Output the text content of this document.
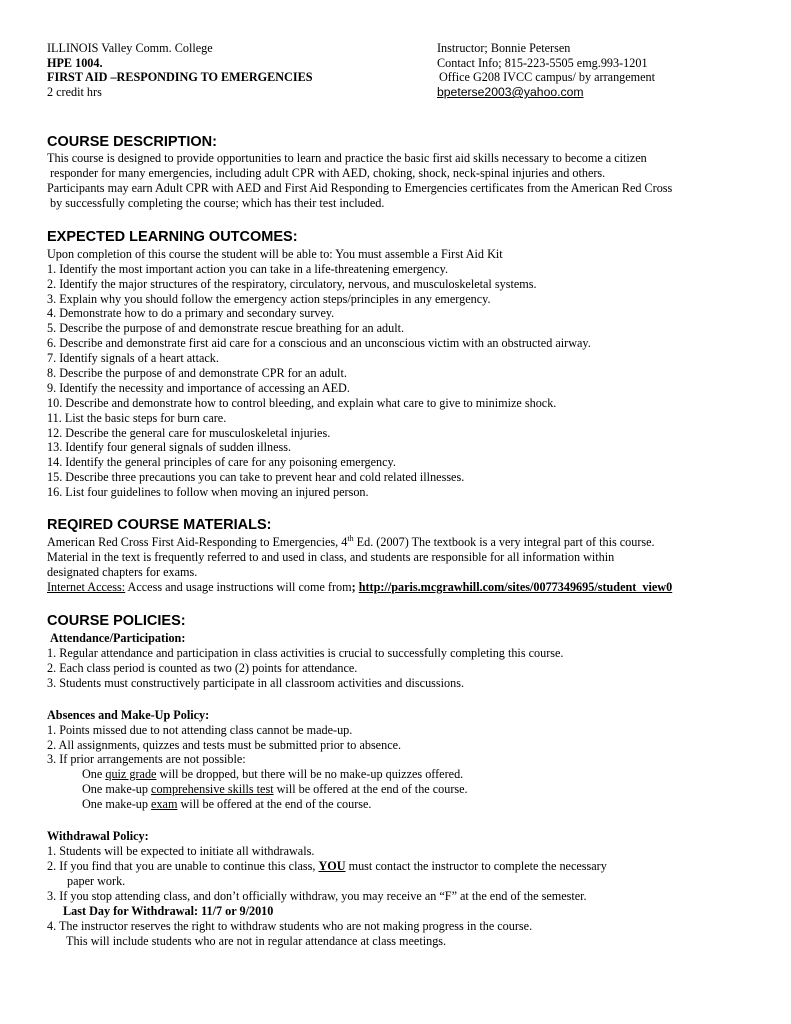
ILLINOIS Valley Comm. College
HPE 1004.
FIRST AID –RESPONDING TO EMERGENCIES
2 credit hrs
Instructor; Bonnie Petersen
Contact Info; 815-223-5505 emg.993-1201
Office G208 IVCC campus/ by arrangement
bpeterse2003@yahoo.com
COURSE DESCRIPTION:
This course is designed to provide opportunities to learn and practice the basic first aid skills necessary to become a citizen
responder for many emergencies, including adult CPR with AED, choking, shock, neck-spinal injuries and others.
Participants may earn Adult CPR with AED and First Aid Responding to Emergencies certificates from the American Red Cross
by successfully completing the course; which has their test included.
EXPECTED LEARNING OUTCOMES:
Upon completion of this course the student will be able to: You must assemble a First Aid Kit
1. Identify the most important action you can take in a life-threatening emergency.
2. Identify the major structures of the respiratory, circulatory, nervous, and musculoskeletal systems.
3. Explain why you should follow the emergency action steps/principles in any emergency.
4. Demonstrate how to do a primary and secondary survey.
5. Describe the purpose of and demonstrate rescue breathing for an adult.
6. Describe and demonstrate first aid care for a conscious and an unconscious victim with an obstructed airway.
7. Identify signals of a heart attack.
8. Describe the purpose of and demonstrate CPR for an adult.
9. Identify the necessity and importance of accessing an AED.
10. Describe and demonstrate how to control bleeding, and explain what care to give to minimize shock.
11. List the basic steps for burn care.
12. Describe the general care for musculoskeletal injuries.
13. Identify four general signals of sudden illness.
14. Identify the general principles of care for any poisoning emergency.
15. Describe three precautions you can take to prevent hear and cold related illnesses.
16. List four guidelines to follow when moving an injured person.
REQIRED COURSE MATERIALS:
American Red Cross First Aid-Responding to Emergencies, 4th Ed. (2007) The textbook is a very integral part of this course.
Material in the text is frequently referred to and used in class, and students are responsible for all information within
designated chapters for exams.
Internet Access: Access and usage instructions will come from; http://paris.mcgrawhill.com/sites/0077349695/student_view0
COURSE POLICIES:
Attendance/Participation:
1. Regular attendance and participation in class activities is crucial to successfully completing this course.
2. Each class period is counted as two (2) points for attendance.
3. Students must constructively participate in all classroom activities and discussions.
Absences and Make-Up Policy:
1. Points missed due to not attending class cannot be made-up.
2. All assignments, quizzes and tests must be submitted prior to absence.
3. If prior arrangements are not possible:
One quiz grade will be dropped, but there will be no make-up quizzes offered.
One make-up comprehensive skills test will be offered at the end of the course.
One make-up exam will be offered at the end of the course.
Withdrawal Policy:
1. Students will be expected to initiate all withdrawals.
2. If you find that you are unable to continue this class, YOU must contact the instructor to complete the necessary
paper work.
3. If you stop attending class, and don’t officially withdraw, you may receive an “F” at the end of the semester.
Last Day for Withdrawal: 11/7 or 9/2010
4. The instructor reserves the right to withdraw students who are not making progress in the course.
This will include students who are not in regular attendance at class meetings.
